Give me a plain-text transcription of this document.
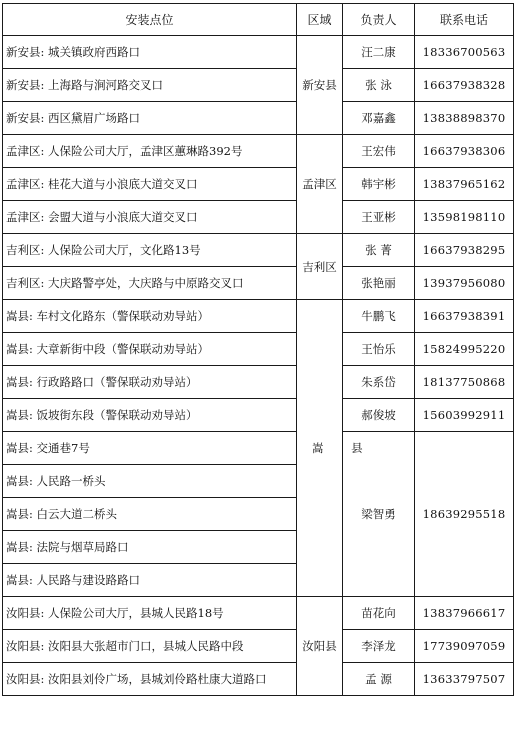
安装点位	区域	负责人	联系电话
新安县: 城关镇政府西路口	新安县	汪二康	18336700563
新安县: 上海路与涧河路交叉口		张 泳	16637938328
新安县: 西区黛眉广场路口		邓嘉鑫	13838898370
孟津区: 人保险公司大厅，孟津区蕙琳路392号	孟津区	王宏伟	16637938306
孟津区: 桂花大道与小浪底大道交叉口		韩宇彬	13837965162
孟津区: 会盟大道与小浪底大道交叉口		王亚彬	13598198110
吉利区: 人保险公司大厅，文化路13号	吉利区	张 菁	16637938295
吉利区: 大庆路警亭处，大庆路与中原路交叉口		张艳丽	13937956080
嵩县: 车村文化路东（警保联动劝导站）	嵩 县	牛鹏飞	16637938391
嵩县: 大章新街中段（警保联动劝导站）		王怡乐	15824995220
嵩县: 行政路路口（警保联动劝导站）		朱系岱	18137750868
嵩县: 饭坡街东段（警保联动劝导站）		郝俊坡	15603992911
嵩县: 交通巷7号		梁智勇	18639295518
嵩县: 人民路一桥头			
嵩县: 白云大道二桥头			
嵩县: 法院与烟草局路口			
嵩县: 人民路与建设路路口			
汝阳县: 人保险公司大厅，县城人民路18号	汝阳县	苗花向	13837966617
汝阳县: 汝阳县大张超市门口，县城人民路中段		李泽龙	17739097059
汝阳县: 汝阳县刘伶广场，县城刘伶路杜康大道路口		孟 源	13633797507
